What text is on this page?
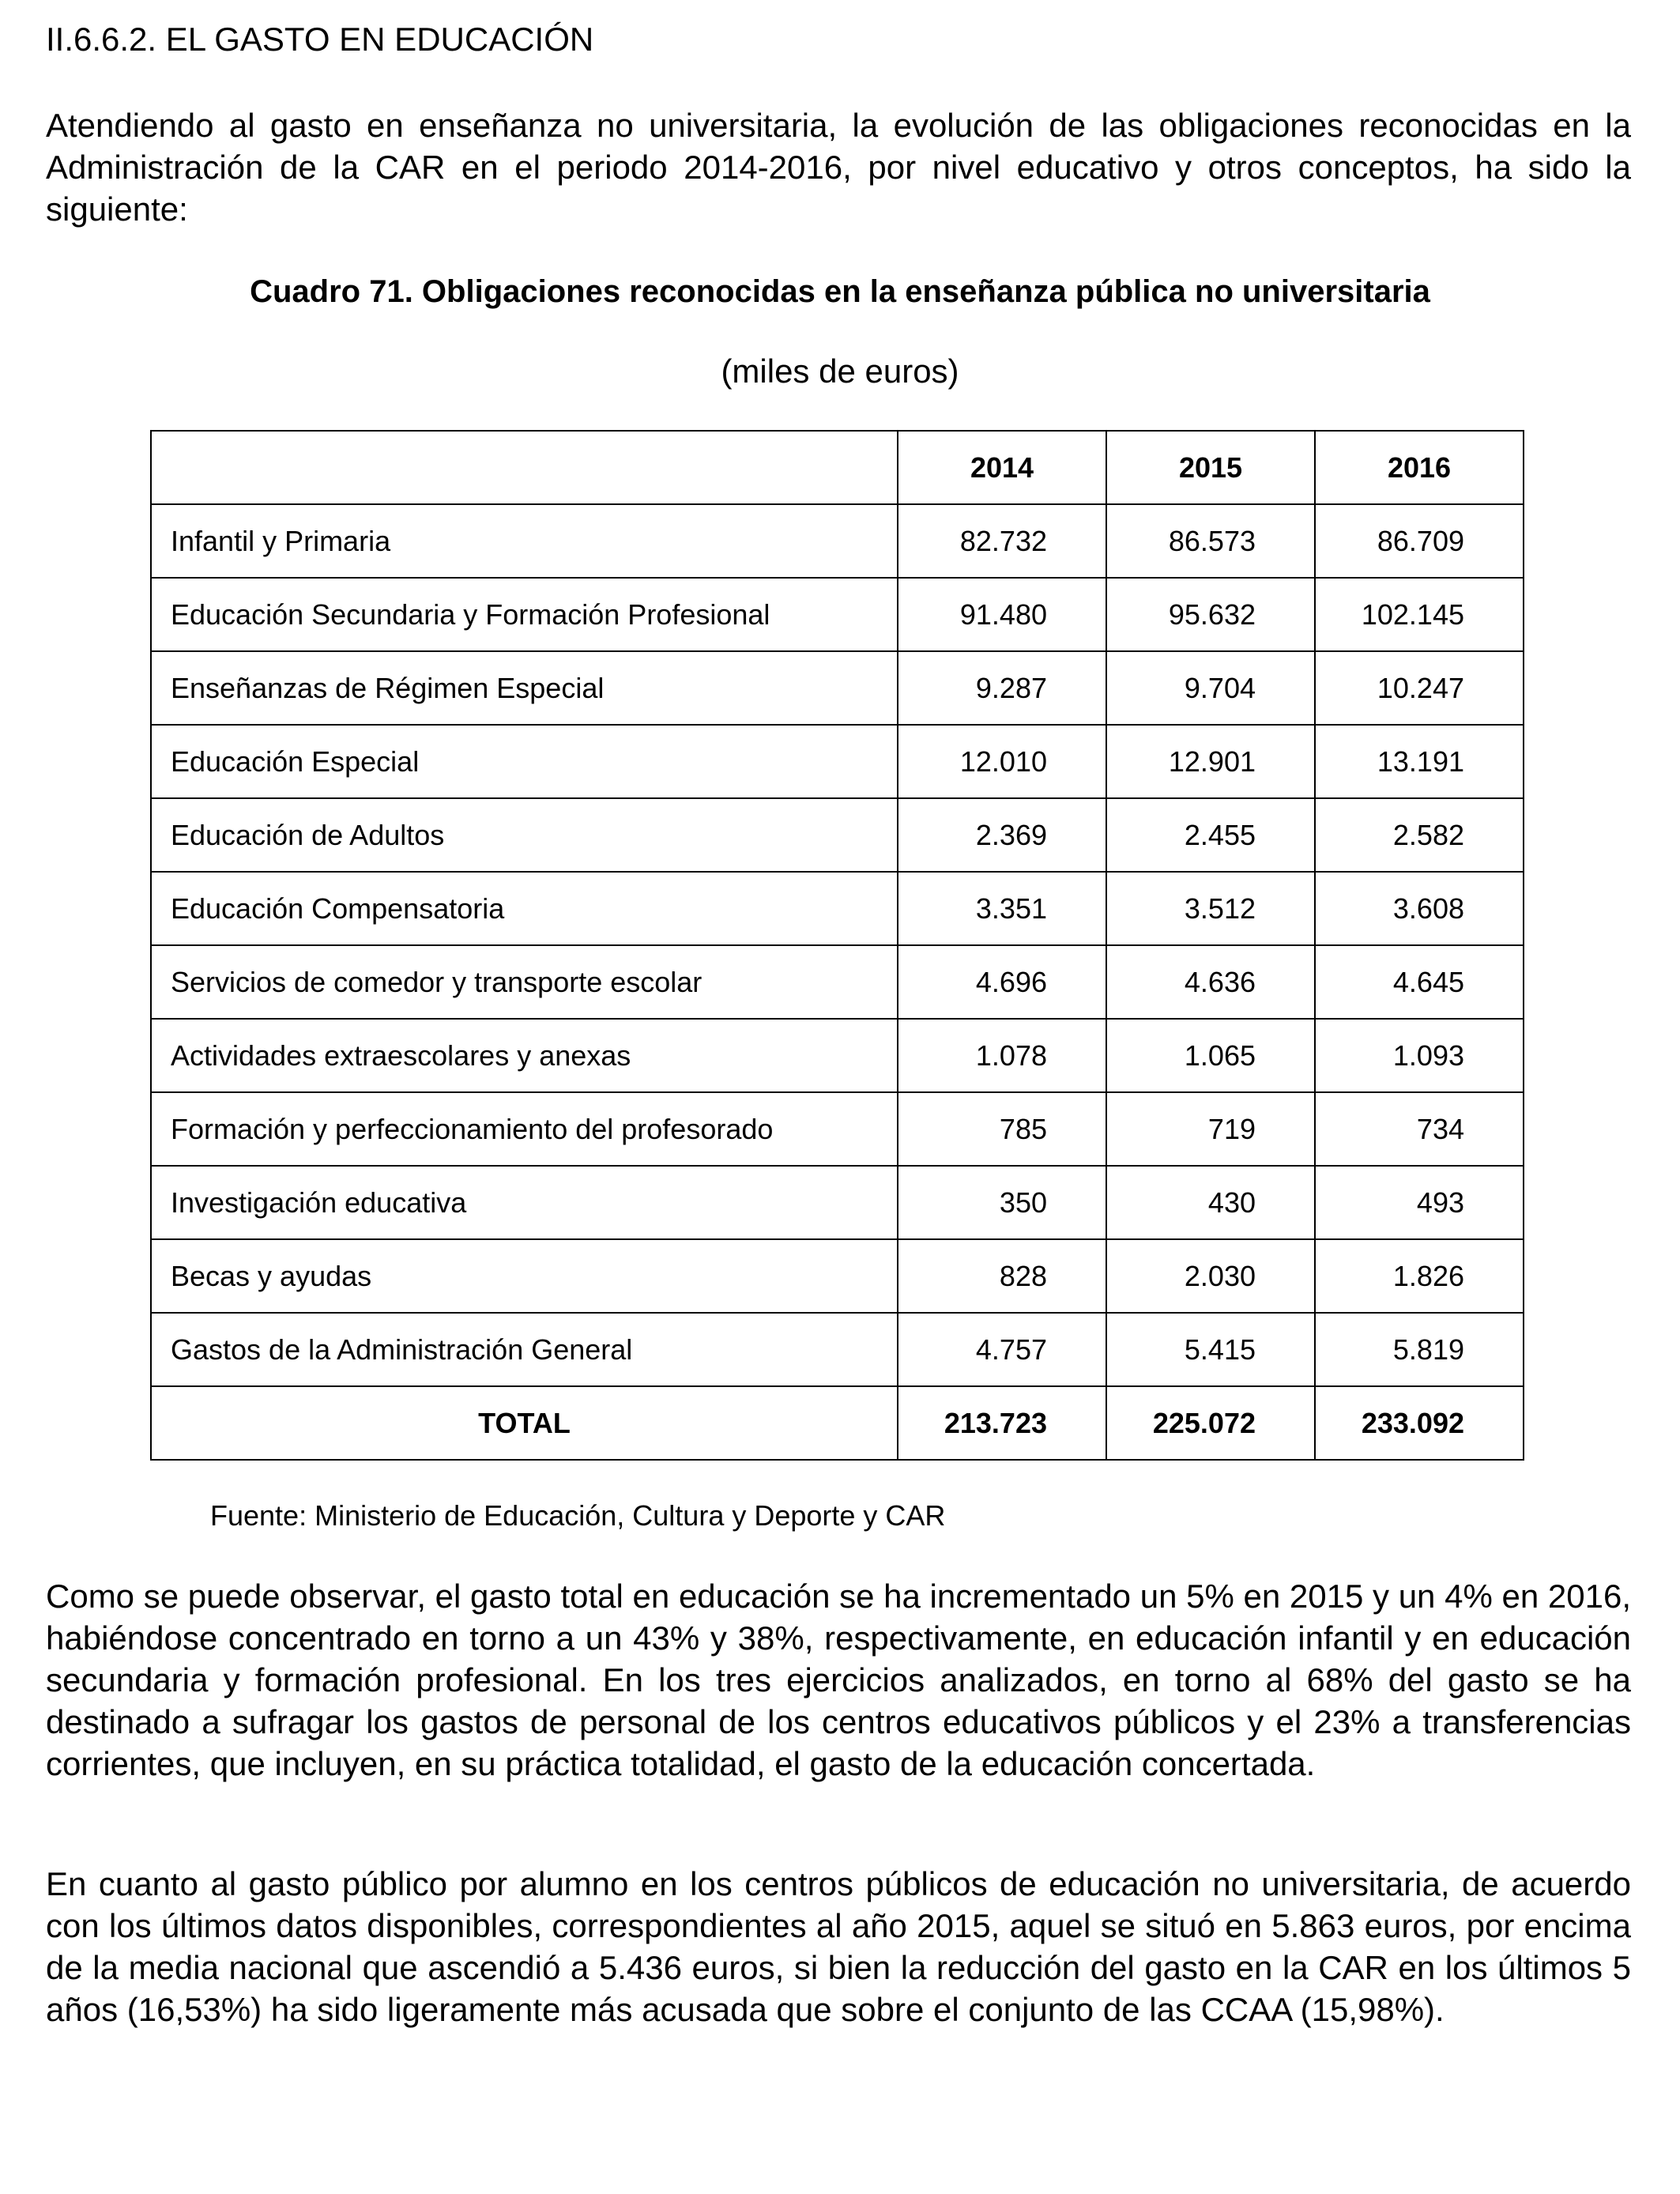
II.6.6.2. EL GASTO EN EDUCACIÓN

Atendiendo al gasto en enseñanza no universitaria, la evolución de las obligaciones reconocidas en la Administración de la CAR en el periodo 2014-2016, por nivel educativo y otros conceptos, ha sido la siguiente:

Cuadro 71. Obligaciones reconocidas en la enseñanza pública no universitaria
(miles de euros)
	2014	2015	2016
Infantil y Primaria	82.732	86.573	86.709
Educación Secundaria y Formación Profesional	91.480	95.632	102.145
Enseñanzas de Régimen Especial	9.287	9.704	10.247
Educación Especial	12.010	12.901	13.191
Educación de Adultos	2.369	2.455	2.582
Educación Compensatoria	3.351	3.512	3.608
Servicios de comedor y transporte escolar	4.696	4.636	4.645
Actividades extraescolares y anexas	1.078	1.065	1.093
Formación y perfeccionamiento del profesorado	785	719	734
Investigación educativa	350	430	493
Becas y ayudas	828	2.030	1.826
Gastos de la Administración General	4.757	5.415	5.819
TOTAL	213.723	225.072	233.092
Fuente: Ministerio de Educación, Cultura y Deporte y CAR

Como se puede observar, el gasto total en educación se ha incrementado un 5% en 2015 y un 4% en 2016, habiéndose concentrado en torno a un 43% y 38%, respectivamente, en educación infantil y en educación secundaria y formación profesional. En los tres ejercicios analizados, en torno al 68% del gasto se ha destinado a sufragar los gastos de personal de los centros educativos públicos y el 23% a transferencias corrientes, que incluyen, en su práctica totalidad, el gasto de la educación concertada.

En cuanto al gasto público por alumno en los centros públicos de educación no universitaria, de acuerdo con los últimos datos disponibles, correspondientes al año 2015, aquel se situó en 5.863 euros, por encima de la media nacional que ascendió a 5.436 euros, si bien la reducción del gasto en la CAR en los últimos 5 años (16,53%) ha sido ligeramente más acusada que sobre el conjunto de las CCAA (15,98%).
